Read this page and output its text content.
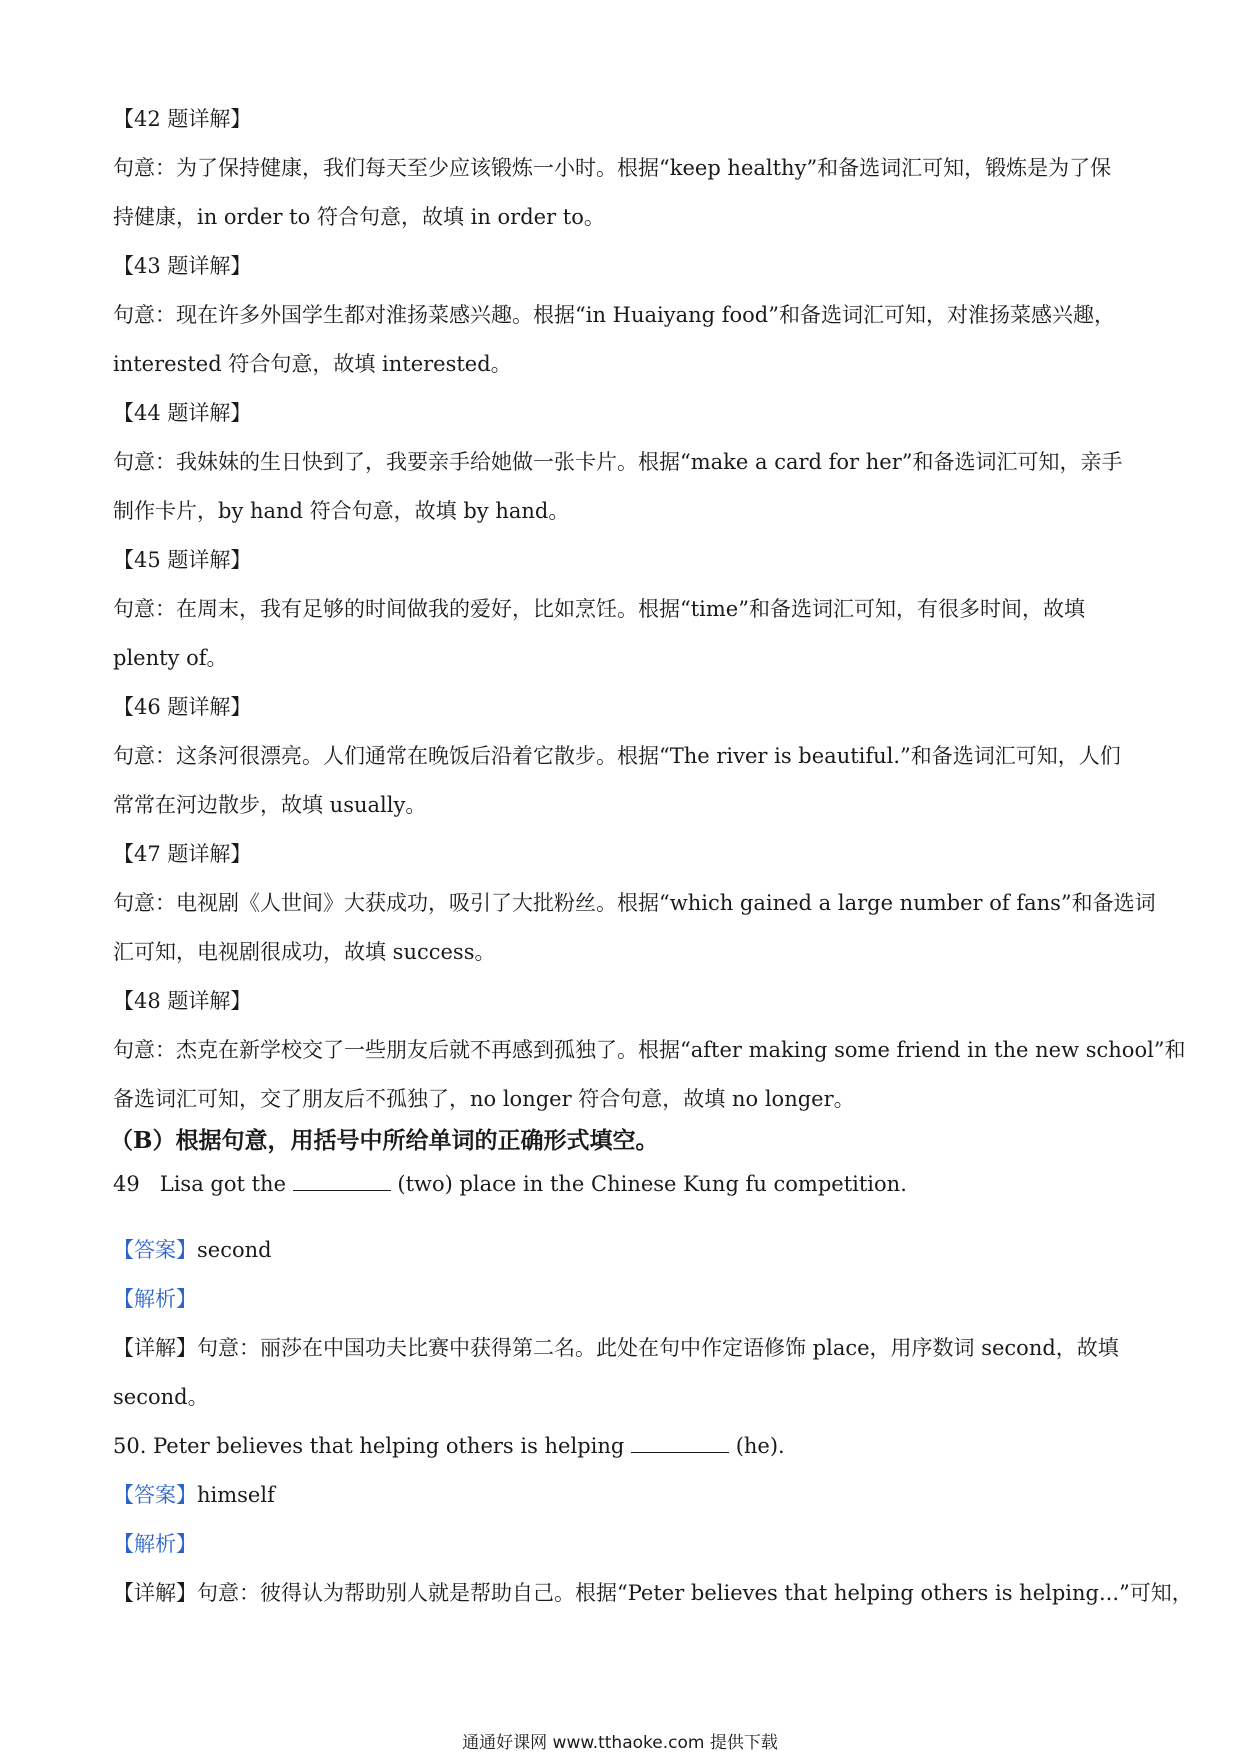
【42 题详解】
句意：为了保持健康，我们每天至少应该锻炼一小时。根据“keep healthy”和备选词汇可知，锻炼是为了保
持健康，in order to 符合句意，故填 in order to。
【43 题详解】
句意：现在许多外国学生都对淮扬菜感兴趣。根据“in Huaiyang food”和备选词汇可知，对淮扬菜感兴趣，
interested 符合句意，故填 interested。
【44 题详解】
句意：我妹妹的生日快到了，我要亲手给她做一张卡片。根据“make a card for her”和备选词汇可知，亲手
制作卡片，by hand 符合句意，故填 by hand。
【45 题详解】
句意：在周末，我有足够的时间做我的爱好，比如烹饪。根据“time”和备选词汇可知，有很多时间，故填
plenty of。
【46 题详解】
句意：这条河很漂亮。人们通常在晚饭后沿着它散步。根据“The river is beautiful.”和备选词汇可知，人们
常常在河边散步，故填 usually。
【47 题详解】
句意：电视剧《人世间》大获成功，吸引了大批粉丝。根据“which gained a large number of fans”和备选词
汇可知，电视剧很成功，故填 success。
【48 题详解】
句意：杰克在新学校交了一些朋友后就不再感到孤独了。根据“after making some friend in the new school”和
备选词汇可知，交了朋友后不孤独了，no longer 符合句意，故填 no longer。
（B）根据句意，用括号中所给单词的正确形式填空。
49 Lisa got the	(two) place in the Chinese Kung fu competition.
【答案】second
【解析】
【详解】句意：丽莎在中国功夫比赛中获得第二名。此处在句中作定语修饰 place，用序数词 second，故填
second。
50. Peter believes that helping others is helping	(he).
【答案】himself
【解析】
【详解】句意：彼得认为帮助别人就是帮助自己。根据“Peter believes that helping others is helping...”可知，
通通好课网 www.tthaoke.com 提供下载
